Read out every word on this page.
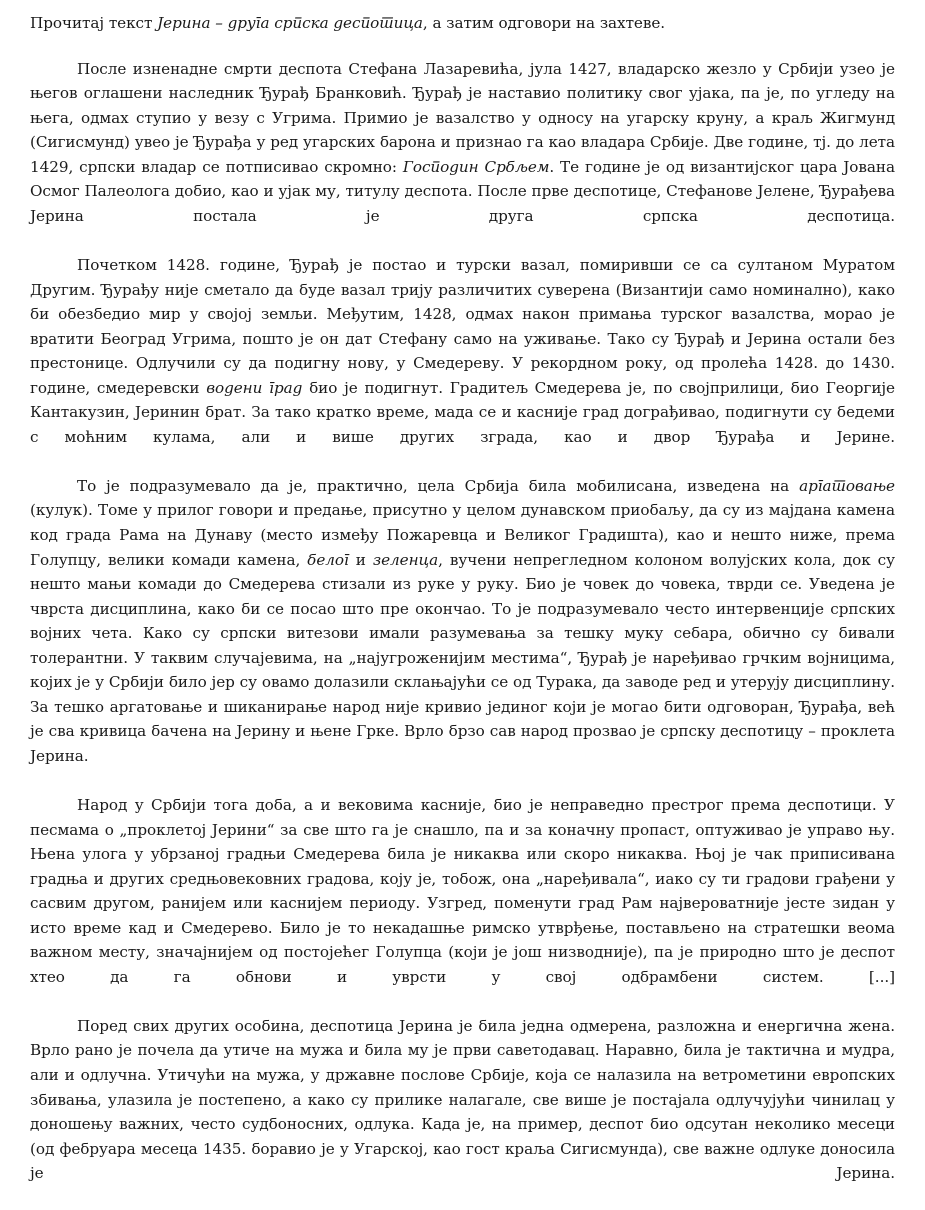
Прочитај текст Јерина – друга српска деспотица, а затим одговори на захтеве.

После изненадне смрти деспота Стефана Лазаревића, јула 1427, владарско жезло у Србији узео је његов оглашени наследник Ђурађ Бранковић. Ђурађ је наставио политику свог ујака, па је, по угледу на њега, одмах ступио у везу с Угрима. Примио је вазалство у односу на угарску круну, а краљ Жигмунд (Сигисмунд) увео је Ђурађа у ред угарских барона и признао га као владара Србије. Две године, тј. до лета 1429, српски владар се потписивао скромно: Господин Србљем. Те године је од византијског цара Јована Осмог Палеолога добио, као и ујак му, титулу деспота. После прве деспотице, Стефанове Јелене, Ђурађева Јерина постала је друга српска деспотица.

Почетком 1428. године, Ђурађ је постао и турски вазал, помиривши се са султаном Муратом Другим. Ђурађу није сметало да буде вазал трију различитих суверена (Византији само номинално), како би обезбедио мир у својој земљи. Међутим, 1428, одмах након примања турског вазалства, морао је вратити Београд Угрима, пошто је он дат Стефану само на уживање. Тако су Ђурађ и Јерина остали без престонице. Одлучили су да подигну нову, у Смедереву. У рекордном року, од пролећа 1428. до 1430. године, смедеревски водени град био је подигнут. Градитељ Смедерева је, по својприлици, био Георгије Кантакузин, Јеринин брат. За тако кратко време, мада се и касније град дограђивао, подигнути су бедеми с моћним кулама, али и више других зграда, као и двор Ђурађа и Јерине.

То је подразумевало да је, практично, цела Србија била мобилисана, изведена на аргатовање (кулук). Томе у прилог говори и предање, присутно у целом дунавском приобаљу, да су из мајдана камена код града Рама на Дунаву (место између Пожаревца и Великог Градишта), као и нешто ниже, према Голупцу, велики комади камена, белог и зеленца, вучени непрегледном колоном волујских кола, док су нешто мањи комади до Смедерева стизали из руке у руку. Био је човек до човека, тврди се. Уведена је чврста дисциплина, како би се посао што пре окончао. То је подразумевало често интервенције српских војних чета. Како су српски витезови имали разумевања за тешку муку себара, обично су бивали толерантни. У таквим случајевима, на „најугроженијим местима“, Ђурађ је наређивао грчким војницима, којих је у Србији било јер су овамо долазили склањајући се од Турака, да заводе ред и утерују дисциплину. За тешко аргатовање и шиканирање народ није кривио јединог који је могао бити одговоран, Ђурађа, већ је сва кривица бачена на Јерину и њене Грке. Врло брзо сав народ прозвао је српску деспотицу – проклета Јерина.

Народ у Србији тога доба, а и вековима касније, био је неправедно престрог према деспотици. У песмама о „проклетој Јерини“ за све што га је снашло, па и за коначну пропаст, оптуживао је управо њу. Њена улога у убрзаној градњи Смедерева била је никаква или скоро никаква. Њој је чак приписивана градња и других средњовековних градова, коју је, тобож, она „наређивала“, иако су ти градови грађени у сасвим другом, ранијем или каснијем периоду. Узгред, поменути град Рам највероватније јесте зидан у исто време кад и Смедерево. Било је то некадашње римско утврђење, постављено на стратешки веома важном месту, значајнијем од постојећег Голупца (који је још низводније), па је природно што је деспот хтео да га обнови и уврсти у свој одбрамбени систем. [...]

Поред свих других особина, деспотица Јерина је била једна одмерена, разложна и енергична жена. Врло рано је почела да утиче на мужа и била му је први саветодавац. Наравно, била је тактична и мудра, али и одлучна. Утичући на мужа, у државне послове Србије, која се налазила на ветрометини европских збивања, улазила је постепено, а како су прилике налагале, све више је постајала одлучујући чинилац у доношењу важних, често судбоносних, одлука. Када је, на пример, деспот био одсутан неколико месеци (од фебруара месеца 1435. боравио је у Угарској, као гост краља Сигисмунда), све важне одлуке доносила је Јерина.
